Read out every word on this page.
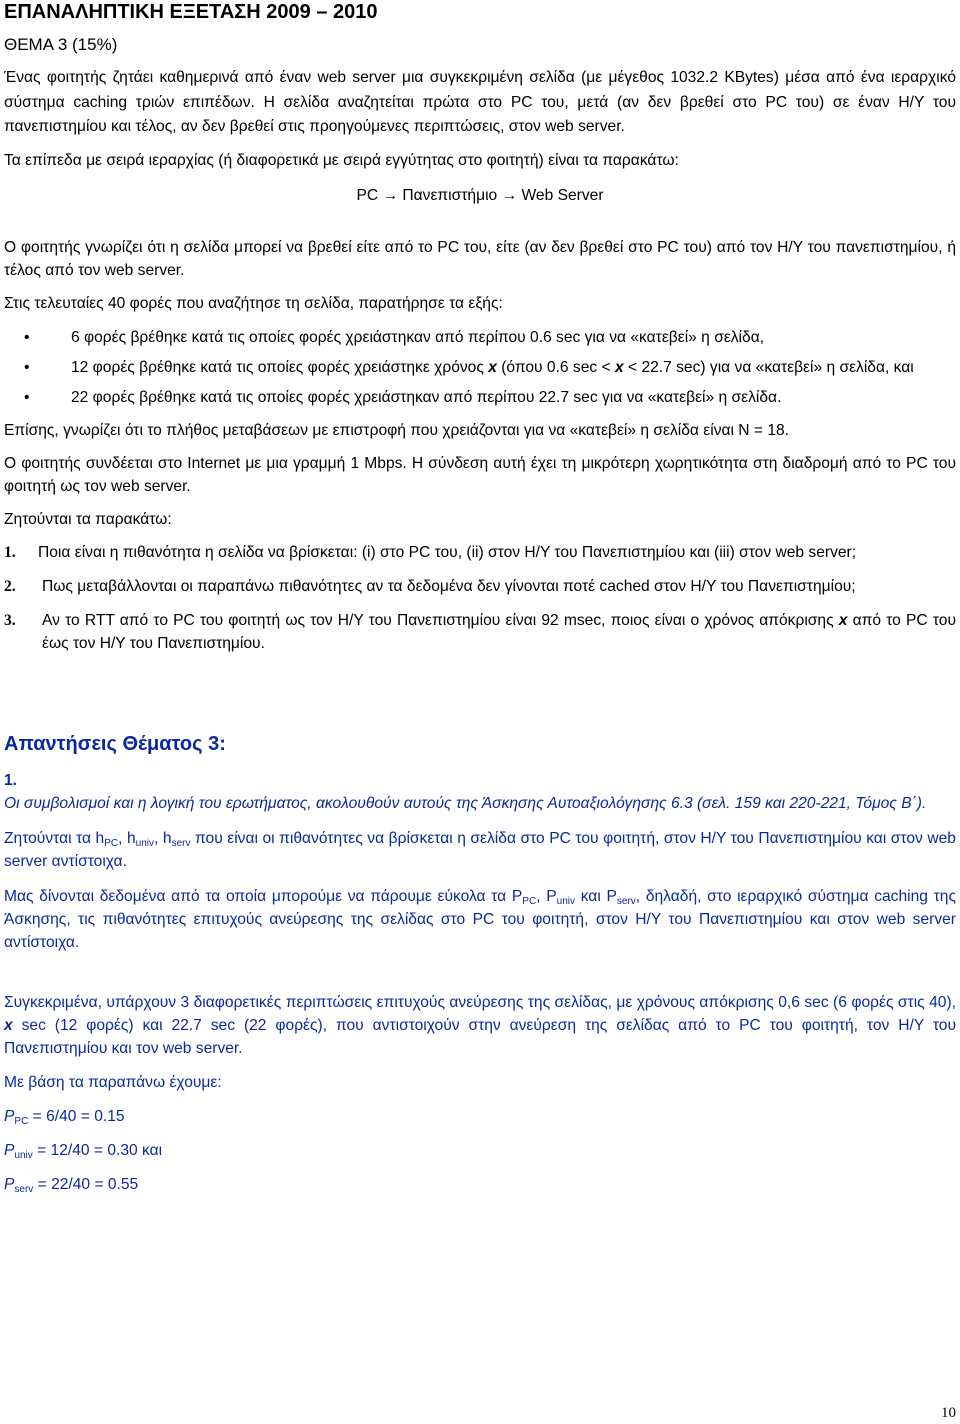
ΕΠΑΝΑΛΗΠΤΙΚΗ ΕΞΕΤΑΣΗ 2009 – 2010

ΘΕΜΑ 3 (15%)

Ένας φοιτητής ζητάει καθημερινά από έναν web server μια συγκεκριμένη σελίδα (με μέγεθος 1032.2 KBytes) μέσα από ένα ιεραρχικό σύστημα caching τριών επιπέδων. Η σελίδα αναζητείται πρώτα στο PC του, μετά (αν δεν βρεθεί στο PC του) σε έναν Η/Υ του πανεπιστημίου και τέλος, αν δεν βρεθεί στις προηγούμενες περιπτώσεις, στον web server.

Τα επίπεδα με σειρά ιεραρχίας (ή διαφορετικά με σειρά εγγύτητας στο φοιτητή) είναι τα παρακάτω:

PC → Πανεπιστήμιο → Web Server

Ο φοιτητής γνωρίζει ότι η σελίδα μπορεί να βρεθεί είτε από το PC του, είτε (αν δεν βρεθεί στο PC του) από τον Η/Υ του πανεπιστημίου, ή τέλος από τον web server.

Στις τελευταίες 40 φορές που αναζήτησε τη σελίδα, παρατήρησε τα εξής:

•	6 φορές βρέθηκε κατά τις οποίες φορές χρειάστηκαν από περίπου 0.6 sec για να «κατεβεί» η σελίδα,

•	12 φορές βρέθηκε κατά τις οποίες φορές χρειάστηκε χρόνος x (όπου 0.6 sec < x < 22.7 sec) για να «κατεβεί» η σελίδα, και

•	22 φορές βρέθηκε κατά τις οποίες φορές χρειάστηκαν από περίπου 22.7 sec για να «κατεβεί» η σελίδα.

Επίσης, γνωρίζει ότι το πλήθος μεταβάσεων με επιστροφή που χρειάζονται για να «κατεβεί» η σελίδα είναι Ν = 18.

Ο φοιτητής συνδέεται στο Internet με μια γραμμή 1 Mbps. Η σύνδεση αυτή έχει τη μικρότερη χωρητικότητα στη διαδρομή από το PC του φοιτητή ως τον web server.

Ζητούνται τα παρακάτω:

1. Ποια είναι η πιθανότητα η σελίδα να βρίσκεται: (i) στο PC του, (ii) στον Η/Υ του Πανεπιστημίου και (iii) στον web server;

2. Πως μεταβάλλονται οι παραπάνω πιθανότητες αν τα δεδομένα δεν γίνονται ποτέ cached στον Η/Υ του Πανεπιστημίου;

3. Αν το RTT από το PC του φοιτητή ως τον Η/Υ του Πανεπιστημίου είναι 92 msec, ποιος είναι ο χρόνος απόκρισης x από το PC του έως τον Η/Υ του Πανεπιστημίου.

Απαντήσεις Θέματος 3:

1.

Οι συμβολισμοί και η λογική του ερωτήματος, ακολουθούν αυτούς της Άσκησης Αυτοαξιολόγησης 6.3 (σελ. 159 και 220-221, Τόμος Β΄).

Ζητούνται τα $h_{PC}$, $h_{univ}$, $h_{serv}$ που είναι οι πιθανότητες να βρίσκεται η σελίδα στο PC του φοιτητή, στον Η/Υ του Πανεπιστημίου και στον web server αντίστοιχα.

Μας δίνονται δεδομένα από τα οποία μπορούμε να πάρουμε εύκολα τα $P_{PC}$, $P_{univ}$ και $P_{serv}$, δηλαδή, στο ιεραρχικό σύστημα caching της Άσκησης, τις πιθανότητες επιτυχούς ανεύρεσης της σελίδας στο PC του φοιτητή, στον Η/Υ του Πανεπιστημίου και στον web server αντίστοιχα.

Συγκεκριμένα, υπάρχουν 3 διαφορετικές περιπτώσεις επιτυχούς ανεύρεσης της σελίδας, με χρόνους απόκρισης 0,6 sec (6 φορές στις 40), x sec (12 φορές) και 22.7 sec (22 φορές), που αντιστοιχούν στην ανεύρεση της σελίδας από το PC του φοιτητή, τον Η/Υ του Πανεπιστημίου και τον web server.

Με βάση τα παραπάνω έχουμε:

$P_{PC} = 6/40 = 0.15$

$P_{univ} = 12/40 = 0.30$ και

$P_{serv} = 22/40 = 0.55$

10
